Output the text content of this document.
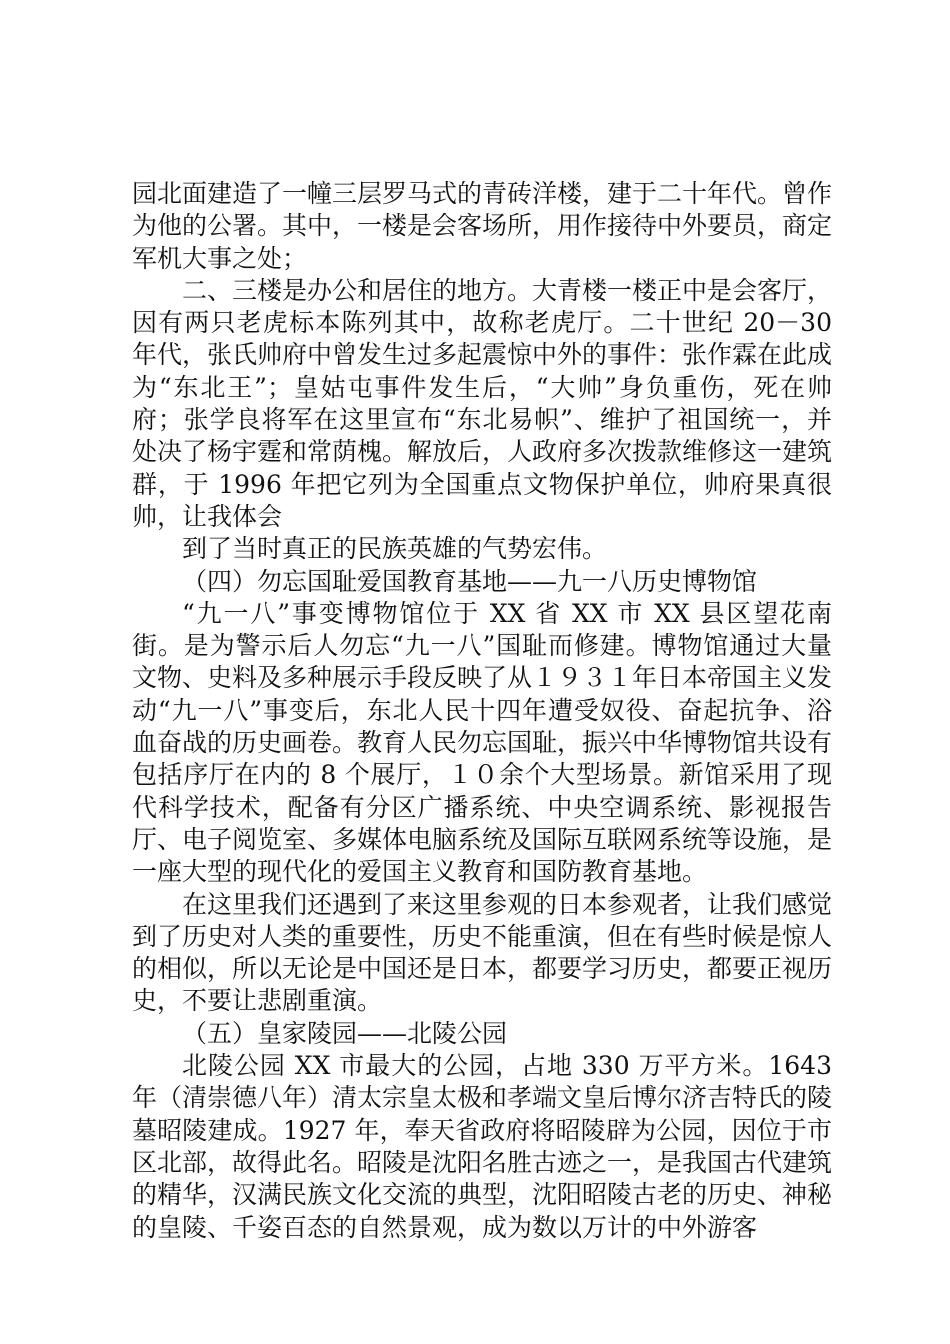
园北面建造了一幢三层罗马式的青砖洋楼，建于二十年代。曾作为他的公署。其中，一楼是会客场所，用作接待中外要员，商定军机大事之处；

二、三楼是办公和居住的地方。大青楼一楼正中是会客厅，因有两只老虎标本陈列其中，故称老虎厅。二十世纪 20－30 年代，张氏帅府中曾发生过多起震惊中外的事件：张作霖在此成为“东北王”；皇姑屯事件发生后，“大帅”身负重伤，死在帅府；张学良将军在这里宣布“东北易帜”、维护了祖国统一，并处决了杨宇霆和常荫槐。解放后，人政府多次拨款维修这一建筑群，于 1996 年把它列为全国重点文物保护单位，帅府果真很帅，让我体会

到了当时真正的民族英雄的气势宏伟。

（四）勿忘国耻爱国教育基地——九一八历史博物馆

“九一八”事变博物馆位于 XX 省 XX 市 XX 县区望花南街。是为警示后人勿忘“九一八”国耻而修建。博物馆通过大量文物、史料及多种展示手段反映了从１９３１年日本帝国主义发动“九一八”事变后，东北人民十四年遭受奴役、奋起抗争、浴血奋战的历史画卷。教育人民勿忘国耻，振兴中华博物馆共设有包括序厅在内的 8 个展厅，１０余个大型场景。新馆采用了现代科学技术，配备有分区广播系统、中央空调系统、影视报告厅、电子阅览室、多媒体电脑系统及国际互联网系统等设施，是一座大型的现代化的爱国主义教育和国防教育基地。

在这里我们还遇到了来这里参观的日本参观者，让我们感觉到了历史对人类的重要性，历史不能重演，但在有些时候是惊人的相似，所以无论是中国还是日本，都要学习历史，都要正视历史，不要让悲剧重演。

（五）皇家陵园——北陵公园

北陵公园 XX 市最大的公园，占地 330 万平方米。1643 年（清崇德八年）清太宗皇太极和孝端文皇后博尔济吉特氏的陵墓昭陵建成。1927 年，奉天省政府将昭陵辟为公园，因位于市区北部，故得此名。昭陵是沈阳名胜古迹之一，是我国古代建筑的精华，汉满民族文化交流的典型，沈阳昭陵古老的历史、神秘的皇陵、千姿百态的自然景观，成为数以万计的中外游客
